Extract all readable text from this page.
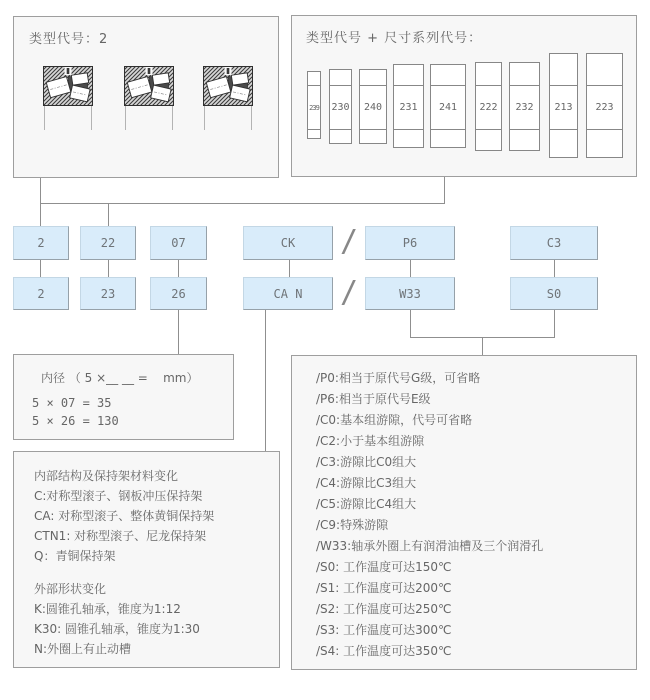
类型代号：2	类型代号 + 尺寸系列代号：
239 230	240	231	241	222	232	213	223
2	22	07	CK	/	P6	C3
2	23	26	CA N	/	W33	S0
内径 （ 5 ×__ __ =    mm）
5 × 07 = 35
5 × 26 = 130
内部结构及保持架材料变化
C:对称型滚子、钢板冲压保持架
CA: 对称型滚子、整体黄铜保持架
CTN1: 对称型滚子、尼龙保持架
Q：青铜保持架
外部形状变化
K:圆锥孔轴承，锥度为1:12
K30: 圆锥孔轴承，锥度为1:30
N:外圈上有止动槽
/P0:相当于原代号G级，可省略
/P6:相当于原代号E级
/C0:基本组游隙，代号可省略
/C2:小于基本组游隙
/C3:游隙比C0组大
/C4:游隙比C3组大
/C5:游隙比C4组大
/C9:特殊游隙
/W33:轴承外圈上有润滑油槽及三个润滑孔
/S0: 工作温度可达150℃
/S1: 工作温度可达200℃
/S2: 工作温度可达250℃
/S3: 工作温度可达300℃
/S4: 工作温度可达350℃
